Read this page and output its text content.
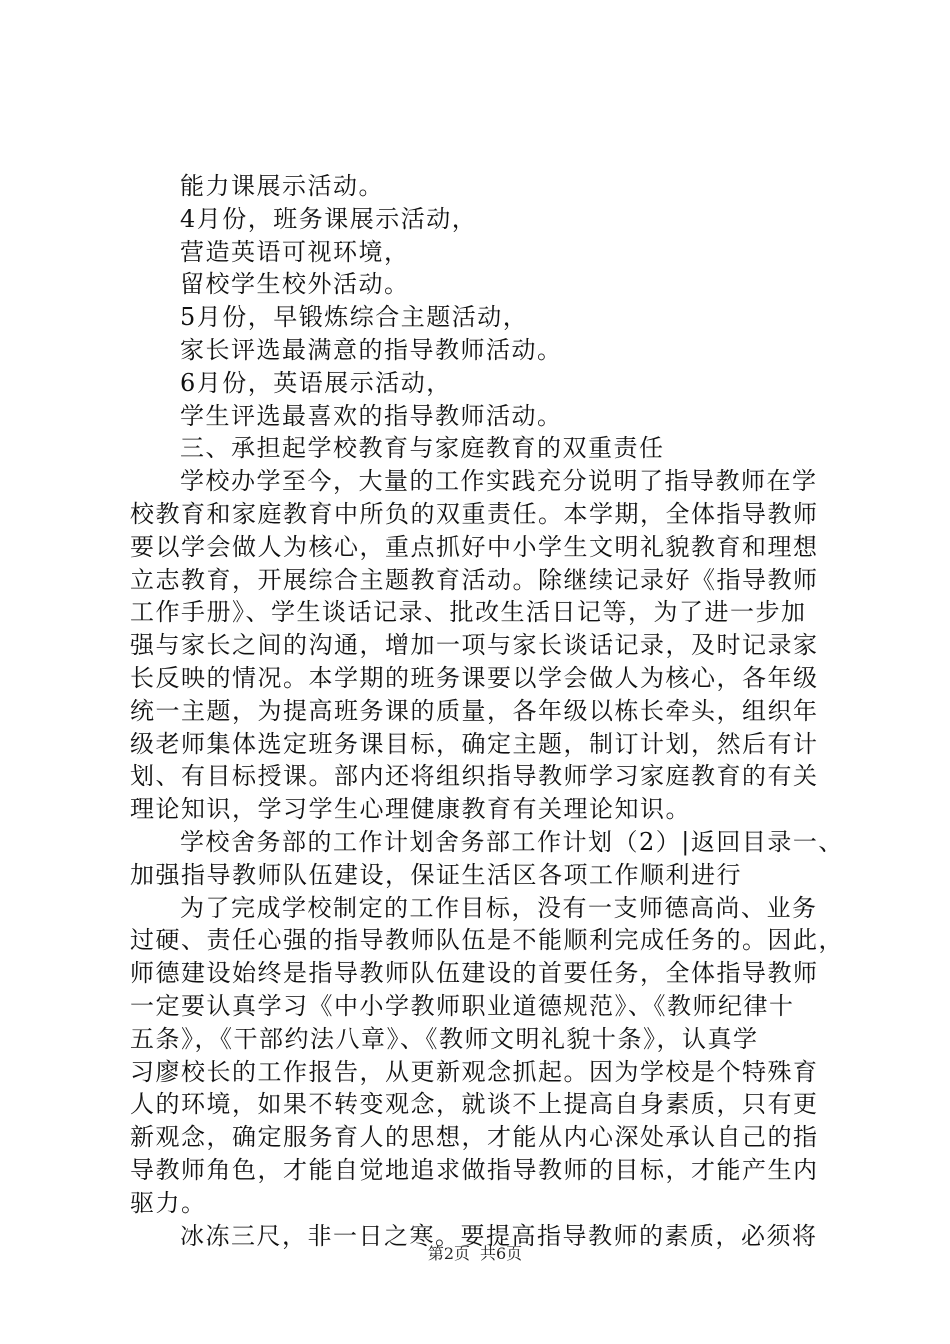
能力课展示活动。
4月份，班务课展示活动，
营造英语可视环境，
留校学生校外活动。
5月份，早锻炼综合主题活动，
家长评选最满意的指导教师活动。
6月份，英语展示活动，
学生评选最喜欢的指导教师活动。
三、承担起学校教育与家庭教育的双重责任
学校办学至今，大量的工作实践充分说明了指导教师在学
校教育和家庭教育中所负的双重责任。本学期，全体指导教师
要以学会做人为核心，重点抓好中小学生文明礼貌教育和理想
立志教育，开展综合主题教育活动。除继续记录好《指导教师
工作手册》、学生谈话记录、批改生活日记等，为了进一步加
强与家长之间的沟通，增加一项与家长谈话记录，及时记录家
长反映的情况。本学期的班务课要以学会做人为核心，各年级
统一主题，为提高班务课的质量，各年级以栋长牵头，组织年
级老师集体选定班务课目标，确定主题，制订计划，然后有计
划、有目标授课。部内还将组织指导教师学习家庭教育的有关
理论知识，学习学生心理健康教育有关理论知识。
学校舍务部的工作计划舍务部工作计划（2）|返回目录一、
加强指导教师队伍建设，保证生活区各项工作顺利进行
为了完成学校制定的工作目标，没有一支师德高尚、业务
过硬、责任心强的指导教师队伍是不能顺利完成任务的。因此，
师德建设始终是指导教师队伍建设的首要任务，全体指导教师
一定要认真学习《中小学教师职业道德规范》、《教师纪律十
五条》，《干部约法八章》、《教师文明礼貌十条》，认真学
习廖校长的工作报告，从更新观念抓起。因为学校是个特殊育
人的环境，如果不转变观念，就谈不上提高自身素质，只有更
新观念，确定服务育人的思想，才能从内心深处承认自己的指
导教师角色，才能自觉地追求做指导教师的目标，才能产生内
驱力。
冰冻三尺，非一日之寒。要提高指导教师的素质，必须将
第2页 共6页
